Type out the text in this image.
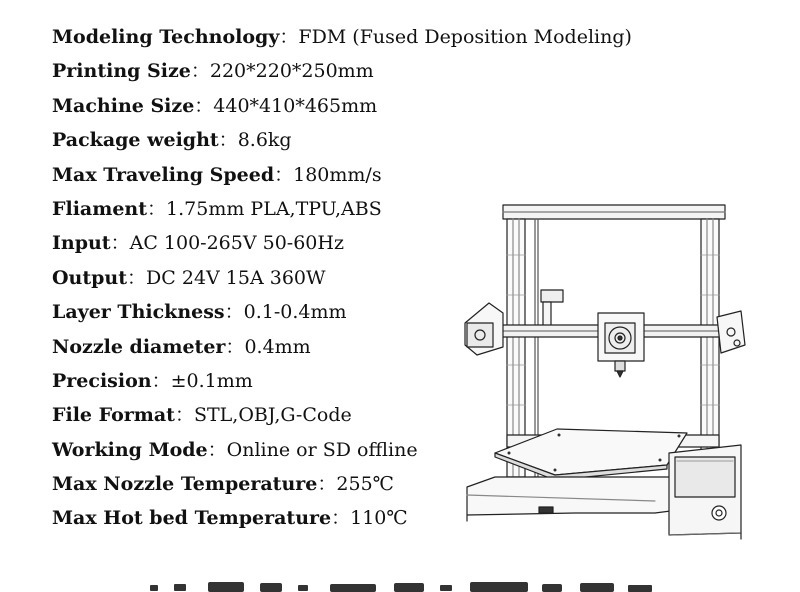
Modeling Technology：FDM (Fused Deposition Modeling)
Printing Size：220*220*250mm
Machine Size：440*410*465mm
Package weight：8.6kg
Max Traveling Speed：180mm/s
Fliament：1.75mm PLA,TPU,ABS
Input：AC 100-265V 50-60Hz
Output：DC 24V 15A 360W
Layer Thickness：0.1-0.4mm
Nozzle diameter：0.4mm
Precision：±0.1mm
File Format：STL,OBJ,G-Code
Working Mode：Online or SD offline
Max Nozzle Temperature：255℃
Max Hot bed Temperature：110℃
